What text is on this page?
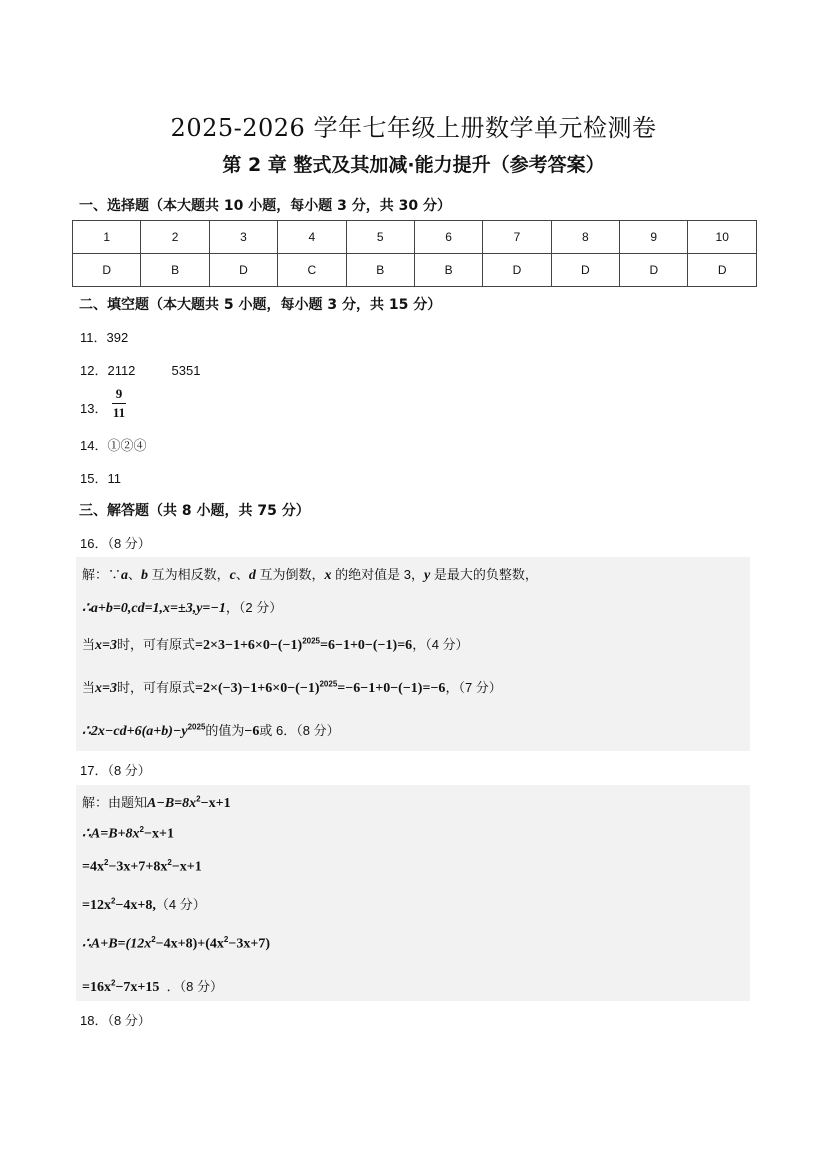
2025-2026 学年七年级上册数学单元检测卷
第 2 章 整式及其加减·能力提升（参考答案）
一、选择题（本大题共 10 小题，每小题 3 分，共 30 分）
1	2	3	4	5	6	7	8	9	10
D	B	D	C	B	B	D	D	D	D
二、填空题（本大题共 5 小题，每小题 3 分，共 15 分）
11．392
12．2112          5351
13．
9
11
14．①②④
15．11
三、解答题（共 8 小题，共 75 分）
16．（8 分）
解：∵a、b 互为相反数，c、d 互为倒数，x 的绝对值是 3，y 是最大的负整数，
∴a+b=0,cd=1,x=±3,y=−1，（2 分）
当x=3时，可有原式$=2\times 3-1+6\times 0-(-1)^{2025}=6-1+0-(-1)=6$，（4 分）
当x=3时，可有原式$=2\times(-3)-1+6\times 0-(-1)^{2025}=-6-1+0-(-1)=-6$，（7 分）
$\therefore 2x-cd+6(a+b)-y^{2025}$的值为−6或 6．（8 分）
17．（8 分）
解：由题知$A-B=8x^2-x+1$
$\therefore A=B+8x^2-x+1$
$=4x^2-3x+7+8x^2-x+1$
$=12x^2-4x+8,(4$ 分）
$\therefore A+B=(12x^2-4x+8)+(4x^2-3x+7)$
$=16x^2-7x+15$  ．（8 分）
18．（8 分）
